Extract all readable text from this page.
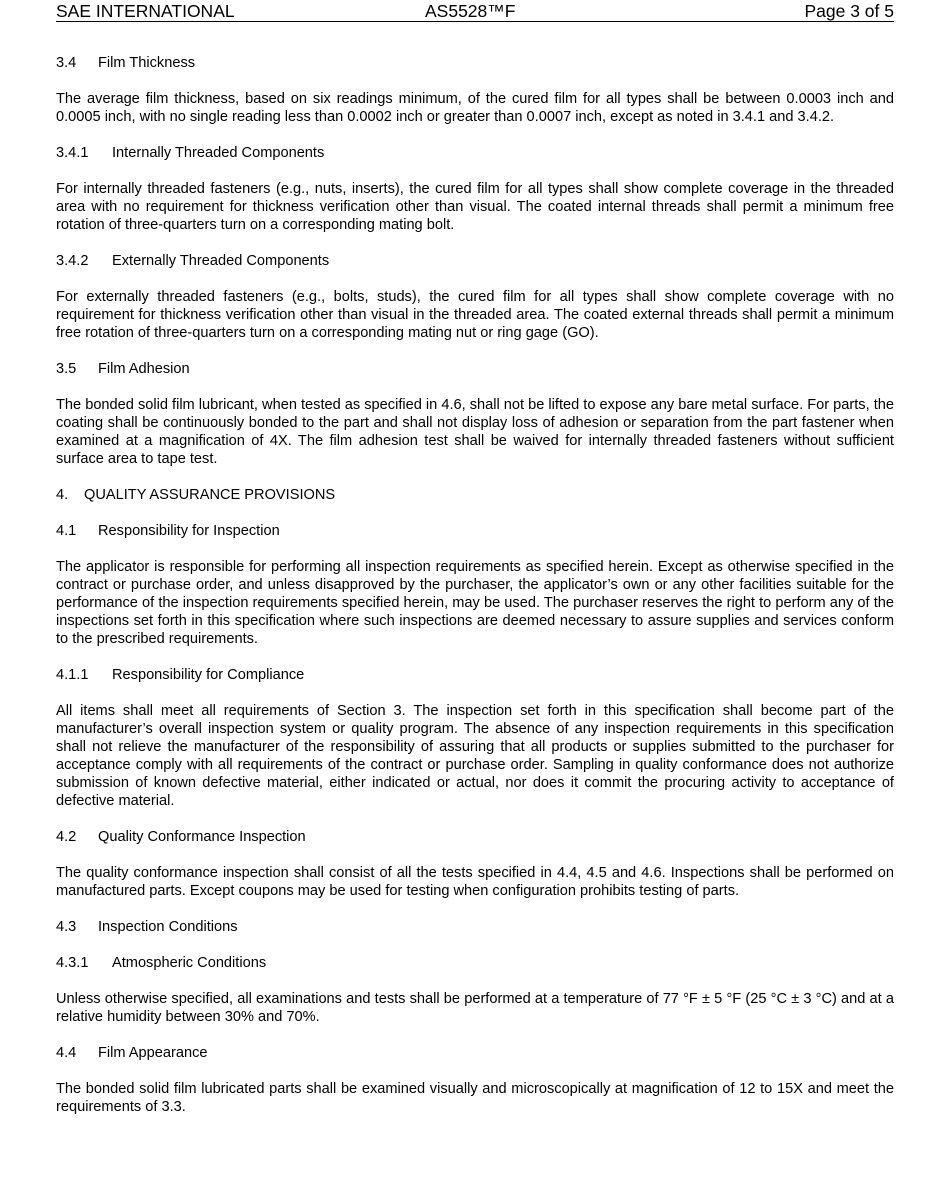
SAE INTERNATIONAL	AS5528™F	Page 3 of 5
3.4 Film Thickness

The average film thickness, based on six readings minimum, of the cured film for all types shall be between 0.0003 inch and 0.0005 inch, with no single reading less than 0.0002 inch or greater than 0.0007 inch, except as noted in 3.4.1 and 3.4.2.

3.4.1 Internally Threaded Components

For internally threaded fasteners (e.g., nuts, inserts), the cured film for all types shall show complete coverage in the threaded area with no requirement for thickness verification other than visual. The coated internal threads shall permit a minimum free rotation of three-quarters turn on a corresponding mating bolt.

3.4.2 Externally Threaded Components

For externally threaded fasteners (e.g., bolts, studs), the cured film for all types shall show complete coverage with no requirement for thickness verification other than visual in the threaded area. The coated external threads shall permit a minimum free rotation of three-quarters turn on a corresponding mating nut or ring gage (GO).

3.5 Film Adhesion

The bonded solid film lubricant, when tested as specified in 4.6, shall not be lifted to expose any bare metal surface. For parts, the coating shall be continuously bonded to the part and shall not display loss of adhesion or separation from the part fastener when examined at a magnification of 4X. The film adhesion test shall be waived for internally threaded fasteners without sufficient surface area to tape test.

4. QUALITY ASSURANCE PROVISIONS
4.1 Responsibility for Inspection

The applicator is responsible for performing all inspection requirements as specified herein. Except as otherwise specified in the contract or purchase order, and unless disapproved by the purchaser, the applicator’s own or any other facilities suitable for the performance of the inspection requirements specified herein, may be used. The purchaser reserves the right to perform any of the inspections set forth in this specification where such inspections are deemed necessary to assure supplies and services conform to the prescribed requirements.

4.1.1 Responsibility for Compliance

All items shall meet all requirements of Section 3. The inspection set forth in this specification shall become part of the manufacturer’s overall inspection system or quality program. The absence of any inspection requirements in this specification shall not relieve the manufacturer of the responsibility of assuring that all products or supplies submitted to the purchaser for acceptance comply with all requirements of the contract or purchase order. Sampling in quality conformance does not authorize submission of known defective material, either indicated or actual, nor does it commit the procuring activity to acceptance of defective material.

4.2 Quality Conformance Inspection

The quality conformance inspection shall consist of all the tests specified in 4.4, 4.5 and 4.6. Inspections shall be performed on manufactured parts. Except coupons may be used for testing when configuration prohibits testing of parts.

4.3 Inspection Conditions
4.3.1 Atmospheric Conditions

Unless otherwise specified, all examinations and tests shall be performed at a temperature of 77 °F ± 5 °F (25 °C ± 3 °C) and at a relative humidity between 30% and 70%.

4.4 Film Appearance

The bonded solid film lubricated parts shall be examined visually and microscopically at magnification of 12 to 15X and meet the requirements of 3.3.
